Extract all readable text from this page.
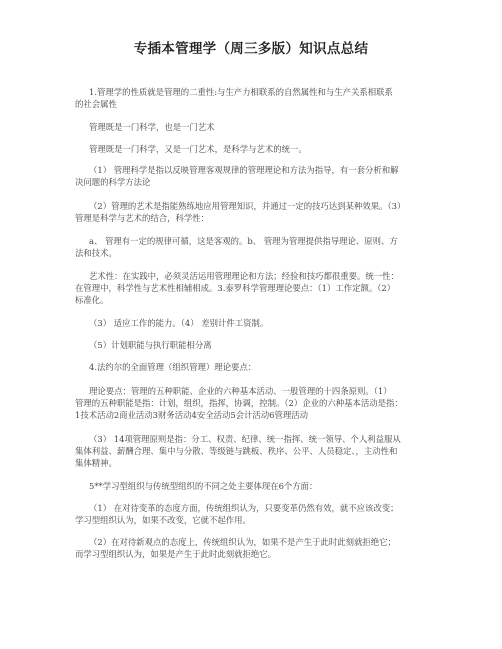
专插本管理学（周三多版）知识点总结
1.管理学的性质就是管理的二重性:与生产力相联系的自然属性和与生产关系相联系
的社会属性
管理既是一门科学，也是一门艺术
管理既是一门科学，又是一门艺术，是科学与艺术的统一。
（1） 管理科学是指以反映管理客观规律的管理理论和方法为指导，有一套分析和解
决问题的科学方法论
（2）管理的艺术是指能熟练地应用管理知识，并通过一定的技巧达到某种效果。（3）
管理是科学与艺术的结合，科学性：
a、 管理有一定的规律可循，这是客观的。b、 管理为管理提供指导理论、原则、方
法和技术。
艺术性：在实践中，必须灵活运用管理理论和方法；经验和技巧都很重要。统一性：
在管理中，科学性与艺术性相辅相成。3.泰罗科学管理理论要点：（1）工作定额。（2）
标准化。
（3） 适应工作的能力。（4） 差别计件工资制。
（5）计划职能与执行职能相分离
4.法约尔的全面管理（组织管理）理论要点：
理论要点：管理的五种职能、企业的六种基本活动、一般管理的十四条原则。（1）
管理的五种职能是指：计划，组织，指挥，协调，控制。（2）企业的六种基本活动是指：
1技术活动2商业活动3财务活动4安全活动5会计活动6管理活动
（3） 14项管理原则是指：分工、权责、纪律、统一指挥、统一领导、个人利益服从
集体利益、薪酬合理、集中与分散、等级链与跳板、秩序、公平、人员稳定、，主动性和
集体精神。
5**学习型组织与传统型组织的不同之处主要体现在6个方面：
（1） 在对待变革的态度方面，传统组织认为，只要变革仍然有效，就不应该改变；
学习型组织认为，如果不改变，它就不起作用。
（2）在对待新观点的态度上，传统组织认为，如果不是产生于此时此刻就拒绝它；
而学习型组织认为，如果是产生于此时此刻就拒绝它。
